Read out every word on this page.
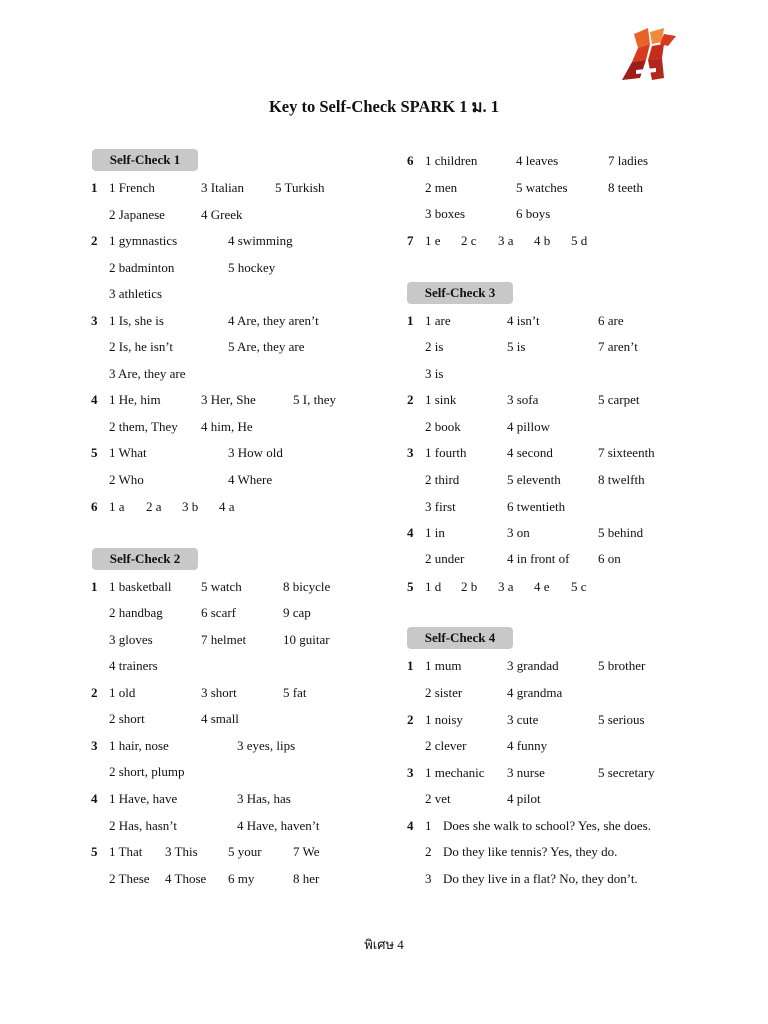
Key to Self-Check SPARK 1 ม. 1
Self-Check 1
1 1 French	3 Italian 5 Turkish
2 Japanese	4 Greek
2 1 gymnastics	4 swimming
2 badminton	5 hockey
3 athletics
3 1 Is, she is	4 Are, they aren’t
2 Is, he isn’t	5 Are, they are
3 Are, they are
4 1 He, him	3 Her, She	5 I, they
2 them, They 4 him, He
5 1 What	3 How old
2 Who	4 Where
6 1 a 2 a 3 b 4 a
Self-Check 2
1 1 basketball 5 watch	8 bicycle
2 handbag	6 scarf	9 cap
3 gloves	7 helmet	10 guitar
4 trainers
2 1 old	3 short	5 fat
2 short	4 small
3 1 hair, nose	3 eyes, lips
2 short, plump
4 1 Have, have	3 Has, has
2 Has, hasn’t	4 Have, haven’t
5 1 That 3 This 5 your 7 We
2 These 4 Those 6 my	8 her
6 1 children	4 leaves	7 ladies
2 men	5 watches	8 teeth
3 boxes	6 boys
7 1 e 2 c 3 a 4 b 5 d
Self-Check 3
1 1 are	4 isn’t	6 are
2 is	5 is	7 aren’t
3 is
2 1 sink	3 sofa	5 carpet
2 book	4 pillow
3 1 fourth	4 second	7 sixteenth
2 third	5 eleventh	8 twelfth
3 first	6 twentieth
4 1 in	3 on	5 behind
2 under	4 in front of 6 on
5 1 d 2 b 3 a 4 e 5 c
Self-Check 4
1 1 mum	3 grandad	5 brother
2 sister	4 grandma
2 1 noisy	3 cute	5 serious
2 clever	4 funny
3 1 mechanic 3 nurse	5 secretary
2 vet	4 pilot
4 1 Does she walk to school? Yes, she does.
2 Do they like tennis? Yes, they do.
3 Do they live in a flat? No, they don’t.
พิเศษ 4
